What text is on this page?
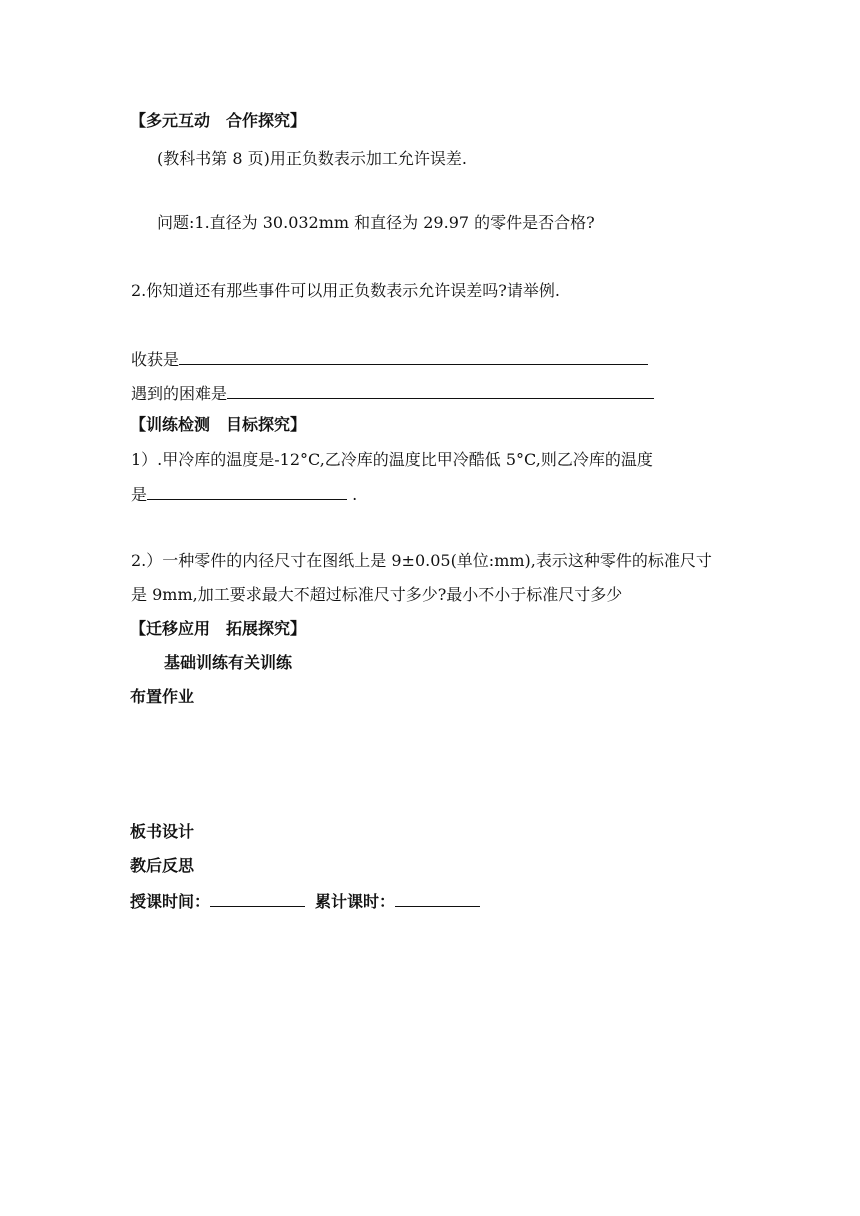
【多元互动　合作探究】
(教科书第 8 页)用正负数表示加工允许误差.
问题:1.直径为 30.032mm 和直径为 29.97 的零件是否合格?
2.你知道还有那些事件可以用正负数表示允许误差吗?请举例.
收获是
遇到的困难是
【训练检测　目标探究】
1）.甲冷库的温度是-12°C,乙冷库的温度比甲冷酷低 5°C,则乙冷库的温度
是	.
2.）一种零件的内径尺寸在图纸上是 9±0.05(单位:mm),表示这种零件的标准尺寸
是 9mm,加工要求最大不超过标准尺寸多少?最小不小于标准尺寸多少
【迁移应用　拓展探究】
基础训练有关训练
布置作业
板书设计
教后反思
授课时间：	累计课时：
